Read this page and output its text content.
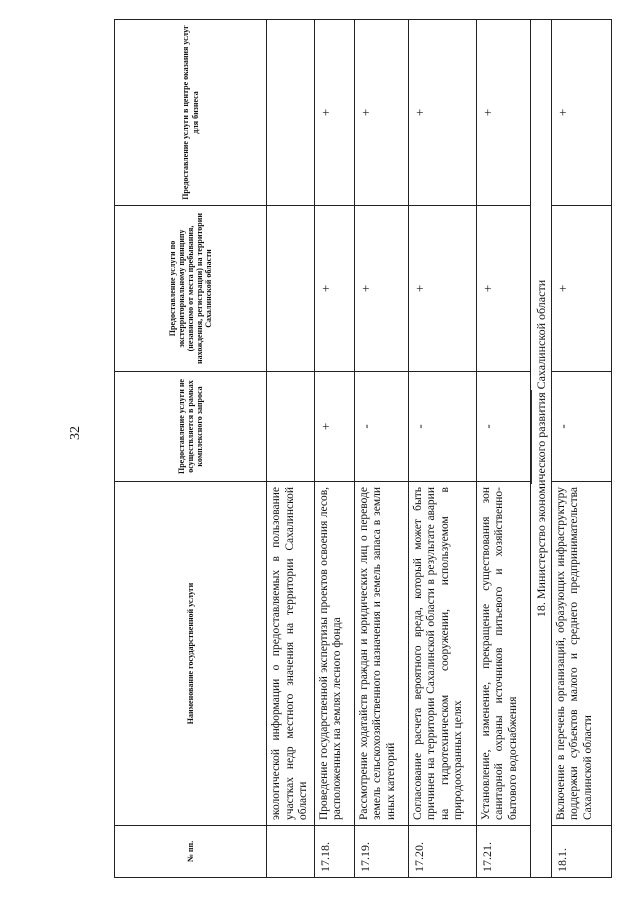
32
№ пп.	Наименование государственной услуги	Предоставление услуги не осуществляется в рамках комплексного запроса	Предоставление услуги по экстерриториальному принципу (независимо от места пребывания, нахождения, регистрации) на территории Сахалинской области	Предоставление услуги в центре оказания услуг для бизнеса
	экологической информации о предоставляемых в пользование участках недр местного значения на территории Сахалинской области			
17.18.	Проведение государственной экспертизы проектов освоения лесов, расположенных на землях лесного фонда	+	+	+
17.19.	Рассмотрение ходатайств граждан и юридических лиц о переводе земель сельскохозяйственного назначения и земель запаса в земли иных категорий	-	+	+
17.20.	Согласование расчета вероятного вреда, который может быть причинен на территории Сахалинской области в результате аварии на гидротехническом сооружении, используемом в природоохранных целях	-	+	+
17.21.	Установление, изменение, прекращение существования зон санитарной охраны источников питьевого и хозяйственно-бытового водоснабжения	-	+	+
18. Министерство экономического развития Сахалинской области				
18.1.	Включение в перечень организаций, образующих инфраструктуру поддержки субъектов малого и среднего предпринимательства Сахалинской области	-	+	+
